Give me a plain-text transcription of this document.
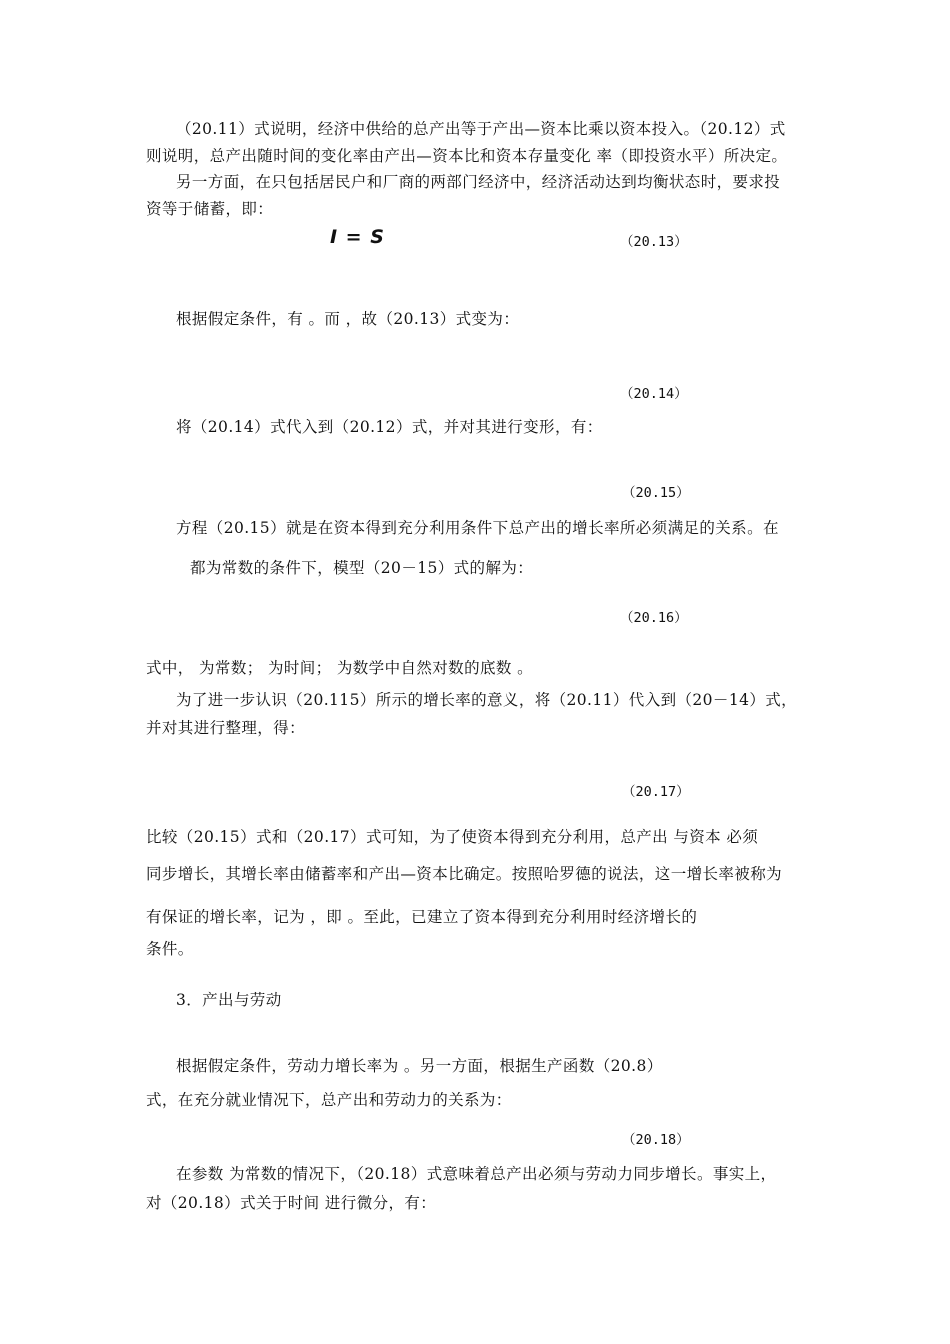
（20.11）式说明，经济中供给的总产出等于产出—资本比乘以资本投入。（20.12）式
则说明，总产出随时间的变化率由产出—资本比和资本存量变化 率（即投资水平）所决定。
另一方面，在只包括居民户和厂商的两部门经济中，经济活动达到均衡状态时，要求投
资等于储蓄，即：
I = S	（20.13）
根据假定条件，有 。而 ，故（20.13）式变为：
（20.14）
将（20.14）式代入到（20.12）式，并对其进行变形，有：
（20.15）
方程（20.15）就是在资本得到充分利用条件下总产出的增长率所必须满足的关系。在
都为常数的条件下，模型（20－15）式的解为：
（20.16）
式中， 为常数； 为时间； 为数学中自然对数的底数 。
为了进一步认识（20.115）所示的增长率的意义，将（20.11）代入到（20－14）式，
并对其进行整理，得：
（20.17）
比较（20.15）式和（20.17）式可知，为了使资本得到充分利用，总产出 与资本 必须
同步增长，其增长率由储蓄率和产出—资本比确定。按照哈罗德的说法，这一增长率被称为
有保证的增长率，记为 ，即 。至此，已建立了资本得到充分利用时经济增长的
条件。
3．产出与劳动
根据假定条件，劳动力增长率为 。另一方面，根据生产函数（20.8）
式，在充分就业情况下，总产出和劳动力的关系为：
（20.18）
在参数 为常数的情况下，（20.18）式意味着总产出必须与劳动力同步增长。事实上，
对（20.18）式关于时间 进行微分，有：
